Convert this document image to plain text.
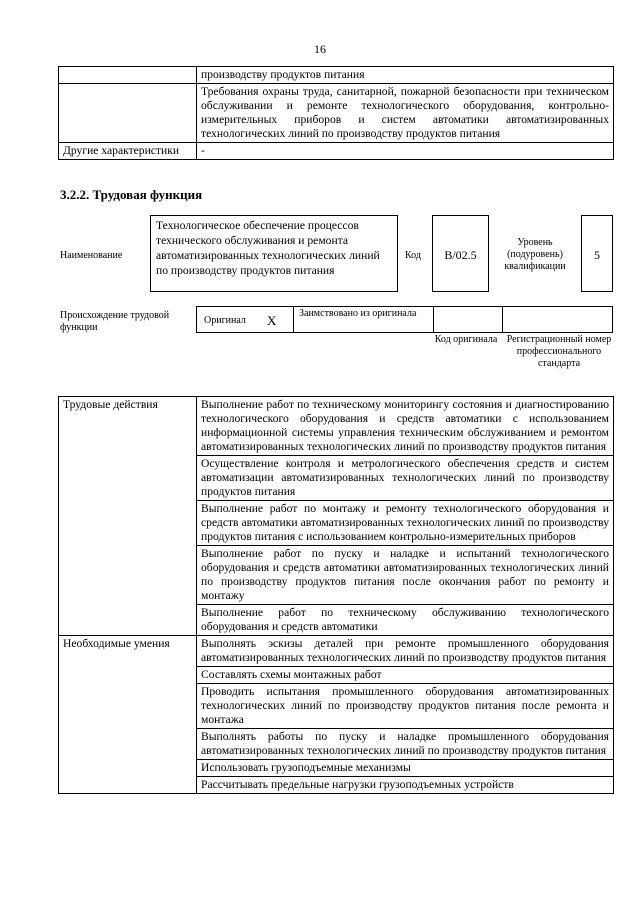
16
	производству продуктов питания
	Требования охраны труда, санитарной, пожарной безопасности при техническом обслуживании и ремонте технологического оборудования, контрольно-измерительных приборов и систем автоматики автоматизированных технологических линий по производству продуктов питания
Другие характеристики	-
3.2.2. Трудовая функция
Наименование
Технологическое обеспечение процессов технического обслуживания и ремонта автоматизированных технологических линий по производству продуктов питания
Код	B/02.5
Уровень (подуровень) квалификации
5
Происхождение трудовой функции
Оригинал X Заимствовано из оригинала
Код оригинала Регистрационный номер профессионального стандарта
Трудовые действия	Выполнение работ по техническому мониторингу состояния и диагностированию технологического оборудования и средств автоматики с использованием информационной системы управления техническим обслуживанием и ремонтом автоматизированных технологических линий по производству продуктов питания
	Осуществление контроля и метрологического обеспечения средств и систем автоматизации автоматизированных технологических линий по производству продуктов питания
	Выполнение работ по монтажу и ремонту технологического оборудования и средств автоматики автоматизированных технологических линий по производству продуктов питания с использованием контрольно-измерительных приборов
	Выполнение работ по пуску и наладке и испытаний технологического оборудования и средств автоматики автоматизированных технологических линий по производству продуктов питания после окончания работ по ремонту и монтажу
	Выполнение работ по техническому обслуживанию технологического оборудования и средств автоматики
Необходимые умения	Выполнять эскизы деталей при ремонте промышленного оборудования автоматизированных технологических линий по производству продуктов питания
	Составлять схемы монтажных работ
	Проводить испытания промышленного оборудования автоматизированных технологических линий по производству продуктов питания после ремонта и монтажа
	Выполнять работы по пуску и наладке промышленного оборудования автоматизированных технологических линий по производству продуктов питания
	Использовать грузоподъемные механизмы
	Рассчитывать предельные нагрузки грузоподъемных устройств
